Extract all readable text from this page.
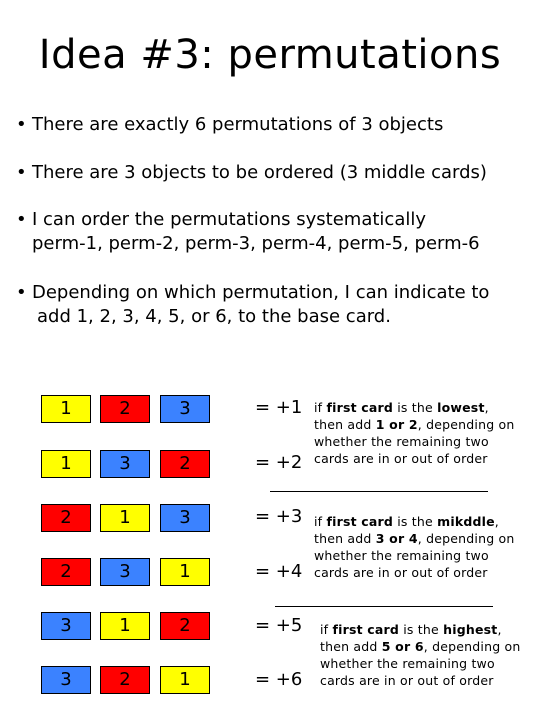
Idea #3: permutations
• There are exactly 6 permutations of 3 objects
• There are 3 objects to be ordered (3 middle cards)
• I can order the permutations systematically
perm-1, perm-2, perm-3, perm-4, perm-5, perm-6
• Depending on which permutation, I can indicate to
add 1, 2, 3, 4, 5, or 6, to the base card.
1	2	3	= +1
1	3	2	= +2
2	1	3	= +3
2	3	1	= +4
3	1	2	= +5
3	2	1	= +6
if first card is the lowest,
then add 1 or 2, depending on
whether the remaining two
cards are in or out of order
if first card is the mikddle,
then add 3 or 4, depending on
whether the remaining two
cards are in or out of order
if first card is the highest,
then add 5 or 6, depending on
whether the remaining two
cards are in or out of order
